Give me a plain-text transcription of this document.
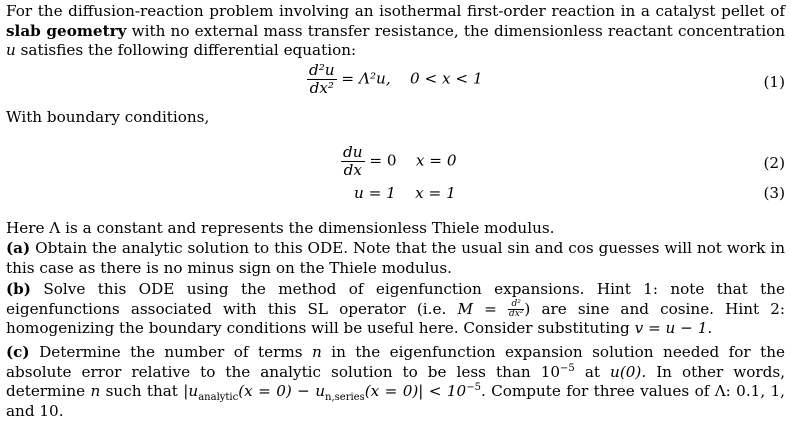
For the diffusion-reaction problem involving an isothermal first-order reaction in a catalyst pellet of slab geometry with no external mass transfer resistance, the dimensionless reactant concentration u satisfies the following differential equation:

$\frac{\text{d²u}}{\text{dx²}} = \Lambda^2u$, 0 < x < 1	(1)

With boundary conditions,

$\frac{du}{dx} = 0$ x = 0	(2)
u = 1 x = 1	(3)

Here Λ is a constant and represents the dimensionless Thiele modulus.

(a) Obtain the analytic solution to this ODE. Note that the usual sin and cos guesses will not work in this case as there is no minus sign on the Thiele modulus.

(b) Solve this ODE using the method of eigenfunction expansions. Hint 1: note that the eigenfunctions associated with this SL operator (i.e. $M = \frac{\text{d²}}{\text{dx²}}$ ) are sine and cosine. Hint 2: homogenizing the boundary conditions will be useful here. Consider substituting v = u − 1.

(c) Determine the number of terms n in the eigenfunction expansion solution needed for the absolute error relative to the analytic solution to be less than $10^{-5}$ at u(0). In other words, determine n such that $|u_{analytic}(x = 0) - u_{n,series}(x = 0)| < 10^{-5}$. Compute for three values of Λ: 0.1, 1, and 10.
